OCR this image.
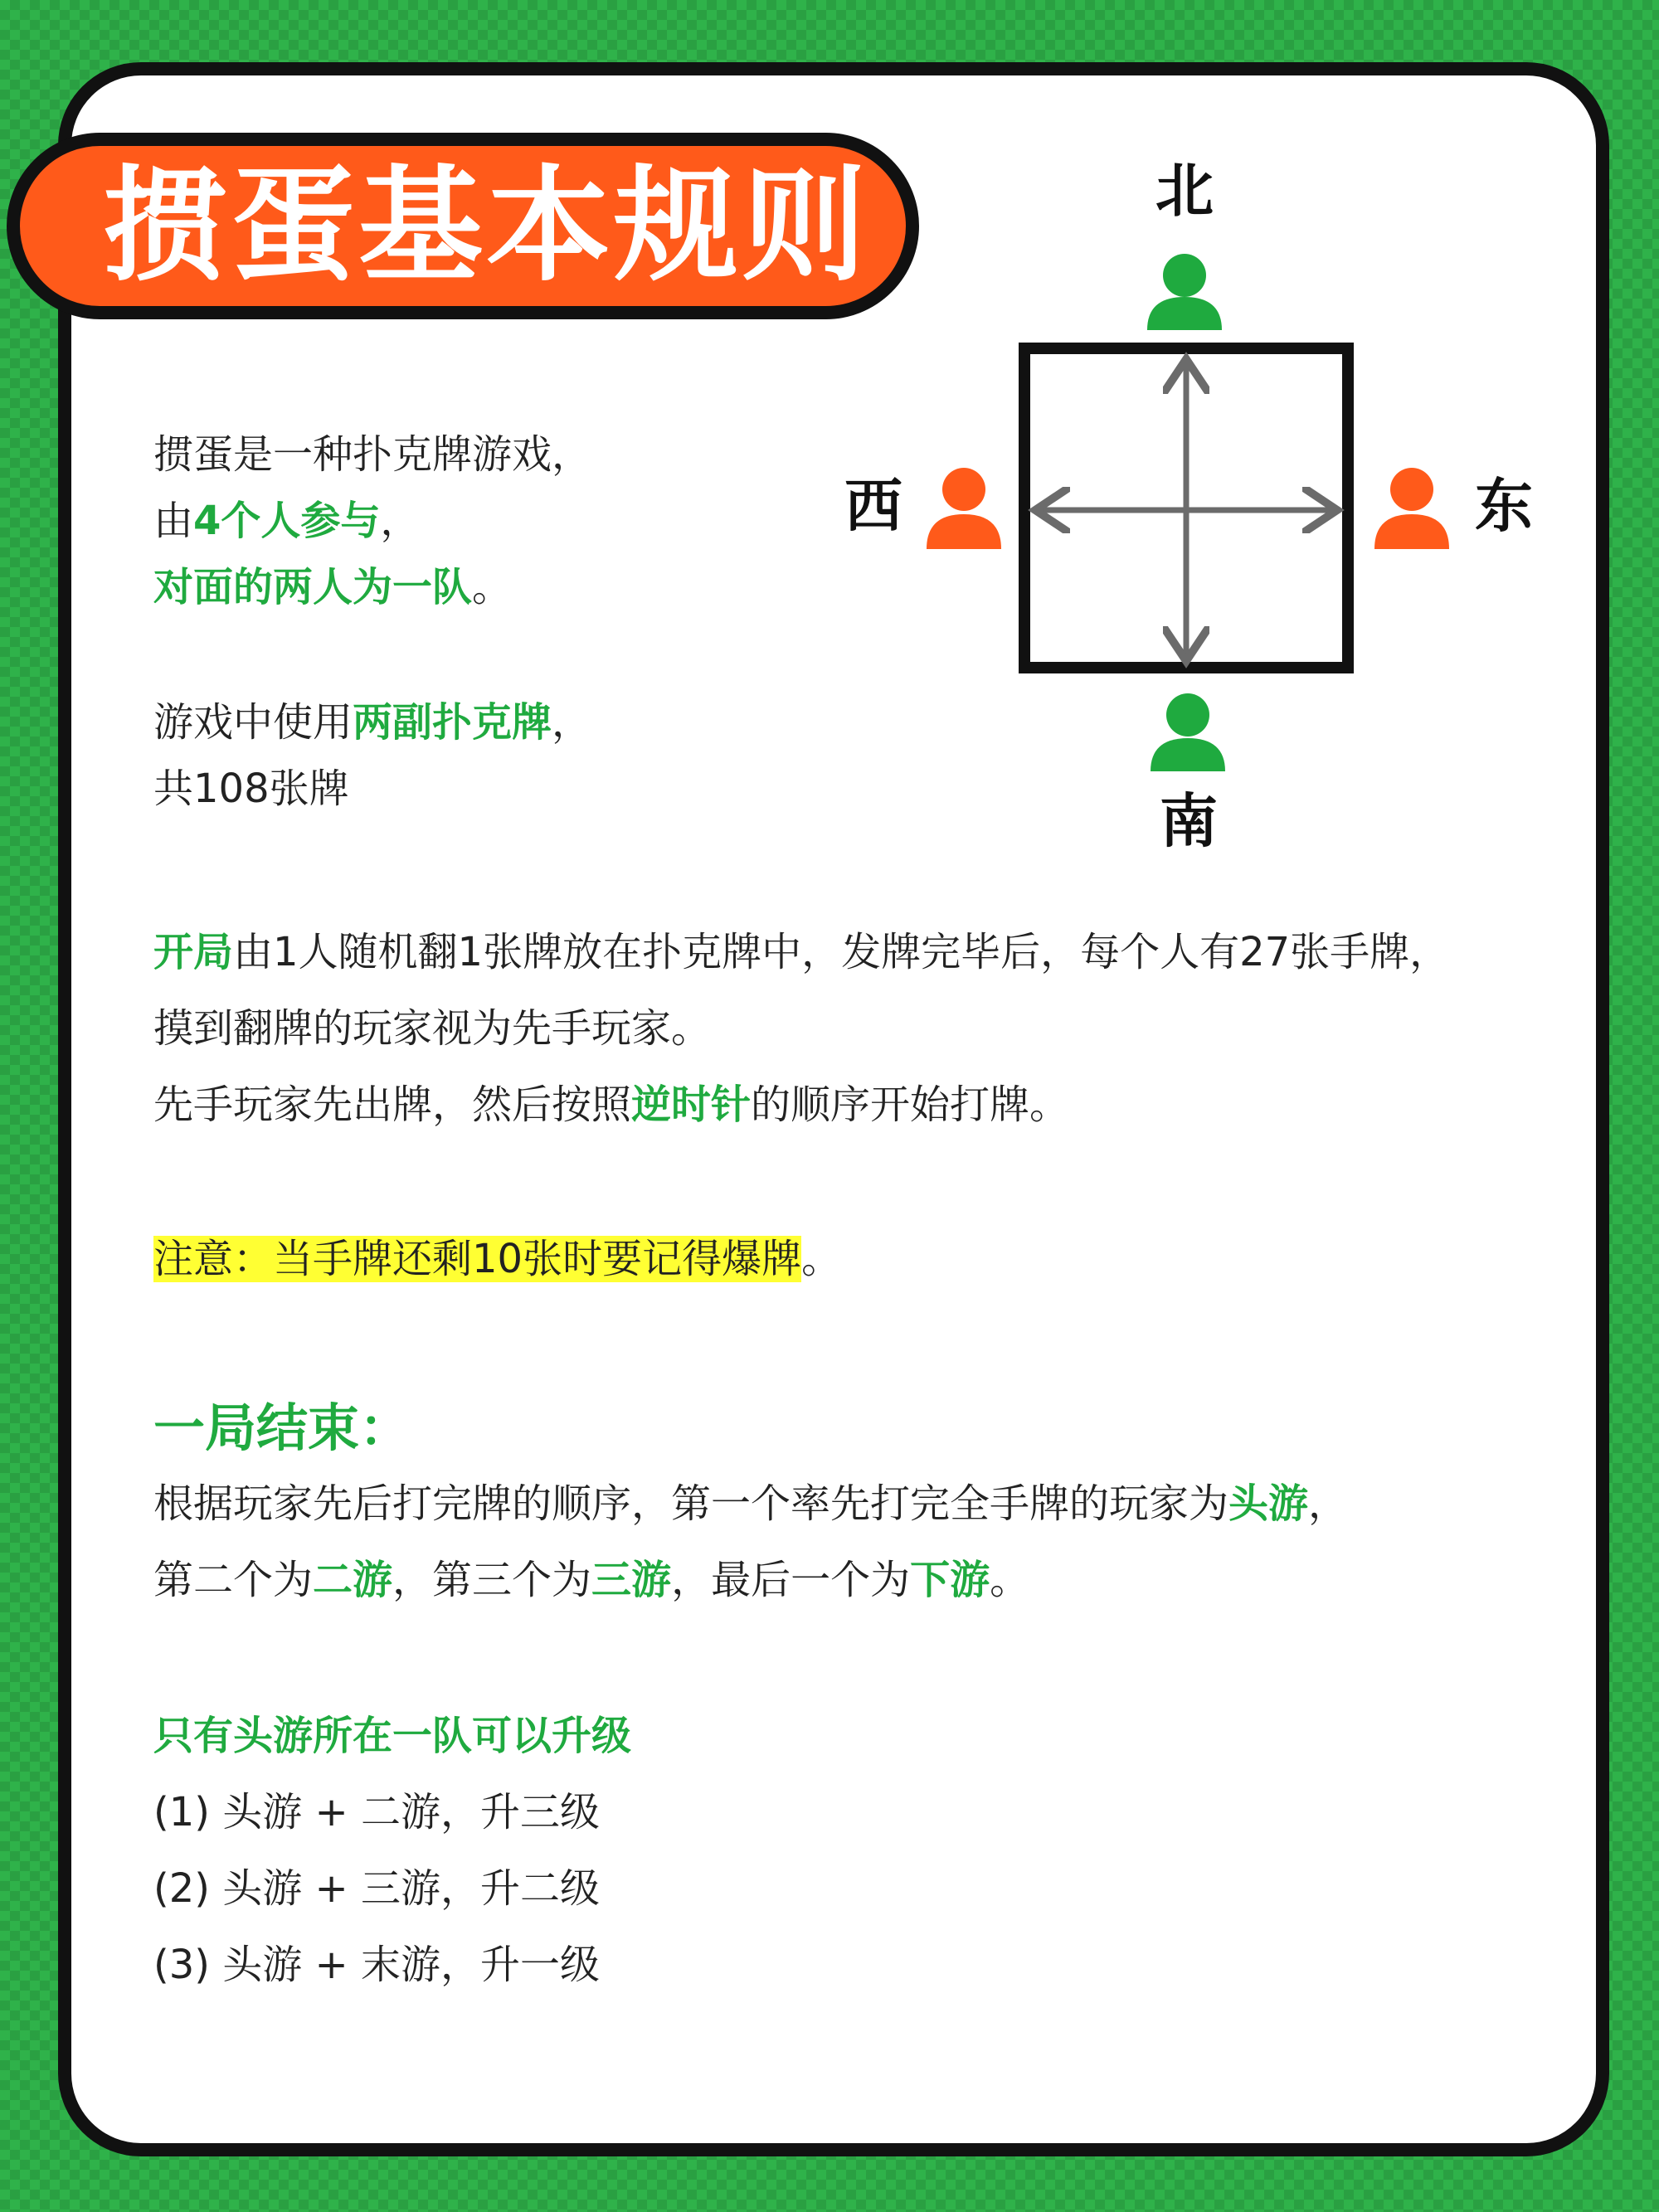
掼蛋基本规则	北
南
西	东
掼蛋是一种扑克牌游戏，
由4个人参与，
对面的两人为一队。
游戏中使用两副扑克牌，
共108张牌
开局由1人随机翻1张牌放在扑克牌中，发牌完毕后，每个人有27张手牌，
摸到翻牌的玩家视为先手玩家。
先手玩家先出牌，然后按照逆时针的顺序开始打牌。
注意：当手牌还剩10张时要记得爆牌。
一局结束：
根据玩家先后打完牌的顺序，第一个率先打完全手牌的玩家为头游，
第二个为二游，第三个为三游，最后一个为下游。
只有头游所在一队可以升级
(1) 头游 + 二游，升三级
(2) 头游 + 三游，升二级
(3) 头游 + 末游，升一级
